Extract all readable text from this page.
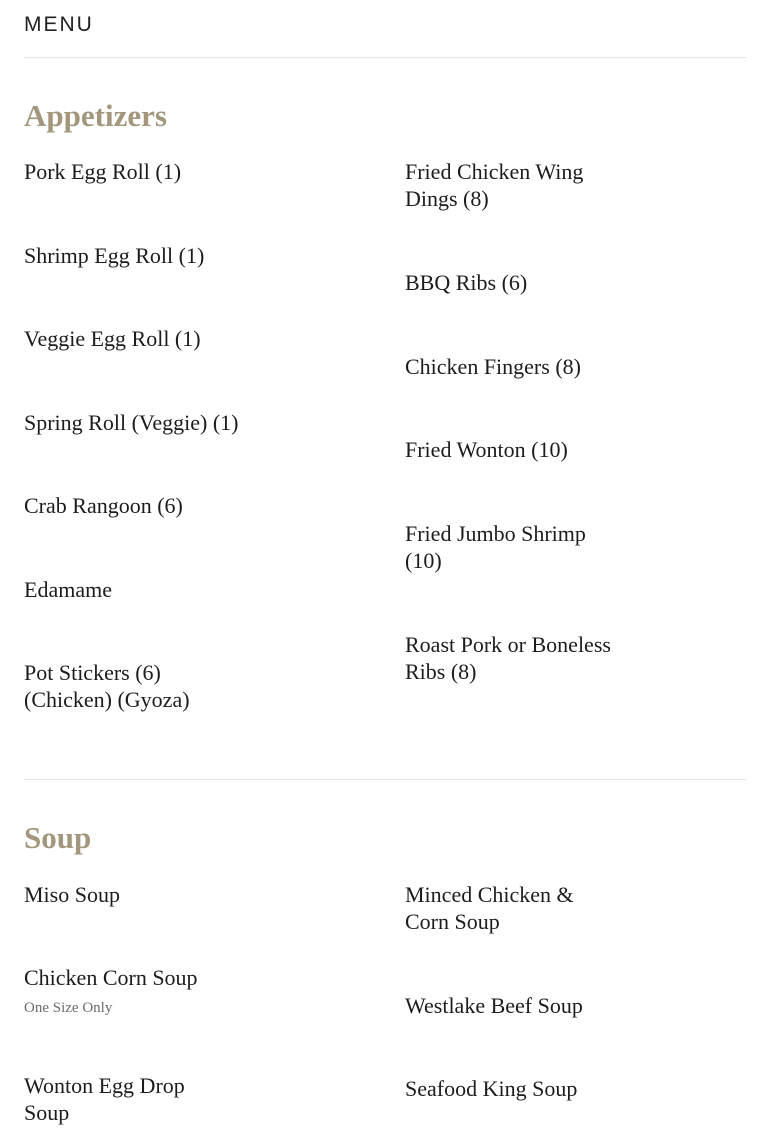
MENU
Appetizers
Pork Egg Roll (1)
Shrimp Egg Roll (1)
Veggie Egg Roll (1)
Spring Roll (Veggie) (1)
Crab Rangoon (6)
Edamame
Pot Stickers (6) (Chicken) (Gyoza)
Fried Chicken Wing Dings (8)
BBQ Ribs (6)
Chicken Fingers (8)
Fried Wonton (10)
Fried Jumbo Shrimp (10)
Roast Pork or Boneless Ribs (8)
Soup
Miso Soup
Chicken Corn Soup
One Size Only
Wonton Egg Drop Soup
Minced Chicken & Corn Soup
Westlake Beef Soup
Seafood King Soup
